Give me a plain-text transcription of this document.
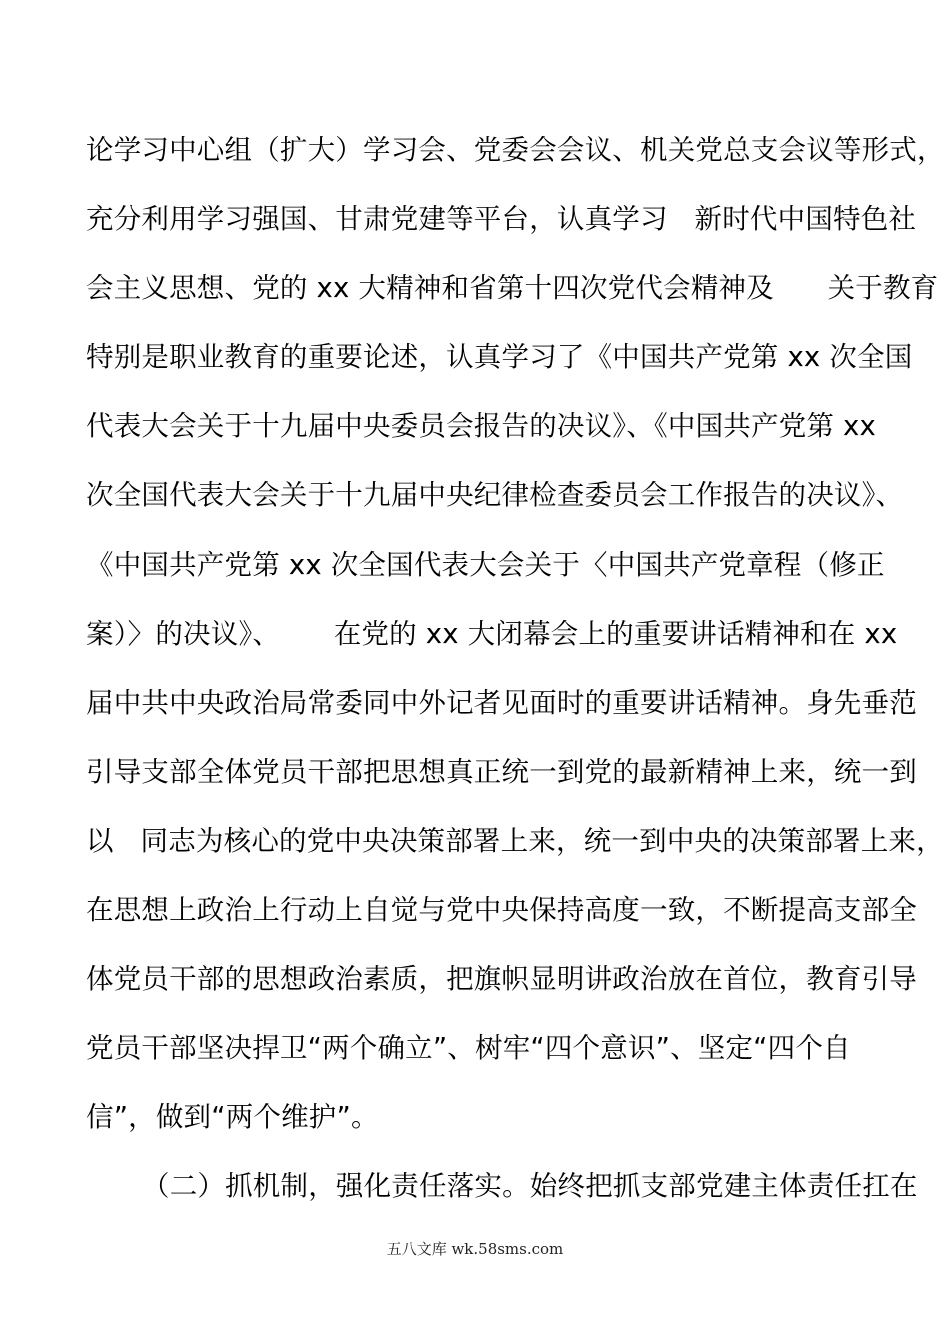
论学习中心组（扩大）学习会、党委会会议、机关党总支会议等形式，
充分利用学习强国、甘肃党建等平台，认真学习   新时代中国特色社
会主义思想、党的 xx 大精神和省第十四次党代会精神及      关于教育
特别是职业教育的重要论述，认真学习了《中国共产党第 xx 次全国
代表大会关于十九届中央委员会报告的决议》、《中国共产党第 xx
次全国代表大会关于十九届中央纪律检查委员会工作报告的决议》、
《中国共产党第 xx 次全国代表大会关于〈中国共产党章程（修正
案）〉的决议》、      在党的 xx 大闭幕会上的重要讲话精神和在 xx
届中共中央政治局常委同中外记者见面时的重要讲话精神。身先垂范
引导支部全体党员干部把思想真正统一到党的最新精神上来，统一到
以   同志为核心的党中央决策部署上来，统一到中央的决策部署上来，
在思想上政治上行动上自觉与党中央保持高度一致，不断提高支部全
体党员干部的思想政治素质，把旗帜显明讲政治放在首位，教育引导
党员干部坚决捍卫“两个确立”、树牢“四个意识”、坚定“四个自
信”，做到“两个维护”。
（二）抓机制，强化责任落实。始终把抓支部党建主体责任扛在
五八文库 wk.58sms.com
